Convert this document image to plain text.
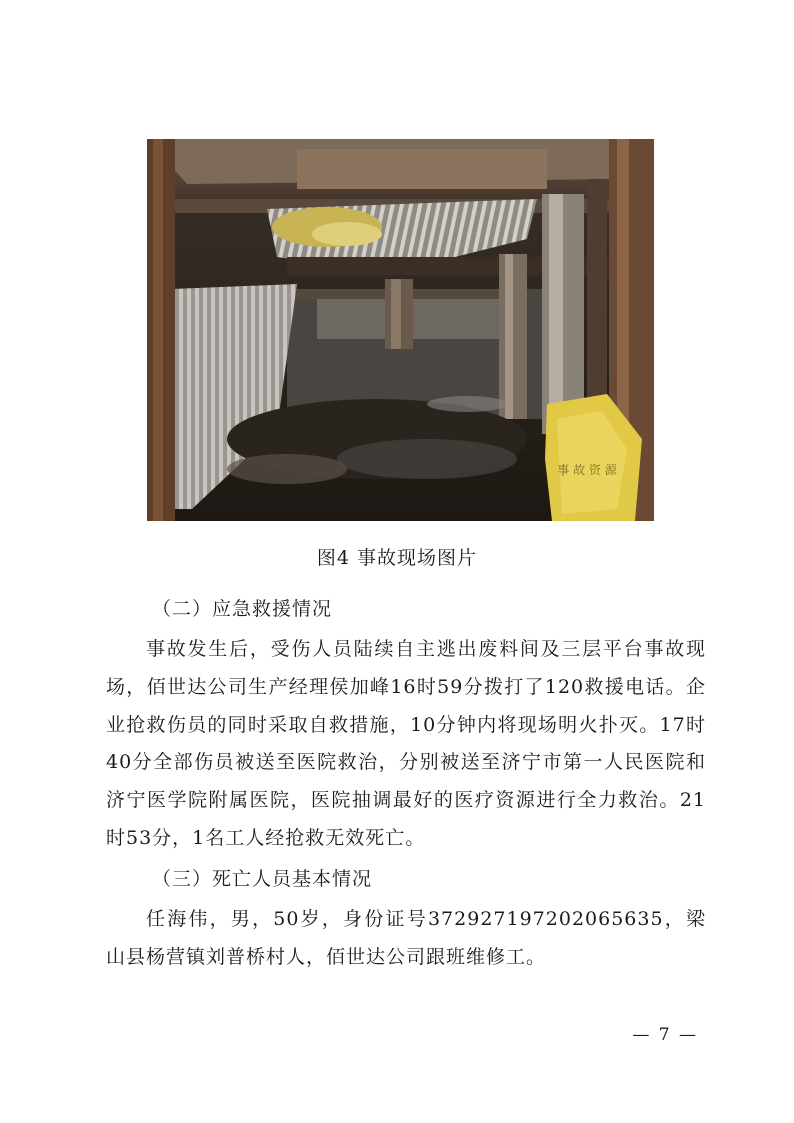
事 故 资 源
图4 事故现场图片
（二）应急救援情况
事故发生后，受伤人员陆续自主逃出废料间及三层平台事故现场，佰世达公司生产经理侯加峰16时59分拨打了120救援电话。企业抢救伤员的同时采取自救措施，10分钟内将现场明火扑灭。17时40分全部伤员被送至医院救治，分别被送至济宁市第一人民医院和济宁医学院附属医院，医院抽调最好的医疗资源进行全力救治。21时53分，1名工人经抢救无效死亡。
（三）死亡人员基本情况
任海伟，男，50岁，身份证号372927197202065635，梁山县杨营镇刘普桥村人，佰世达公司跟班维修工。
— 7 —
